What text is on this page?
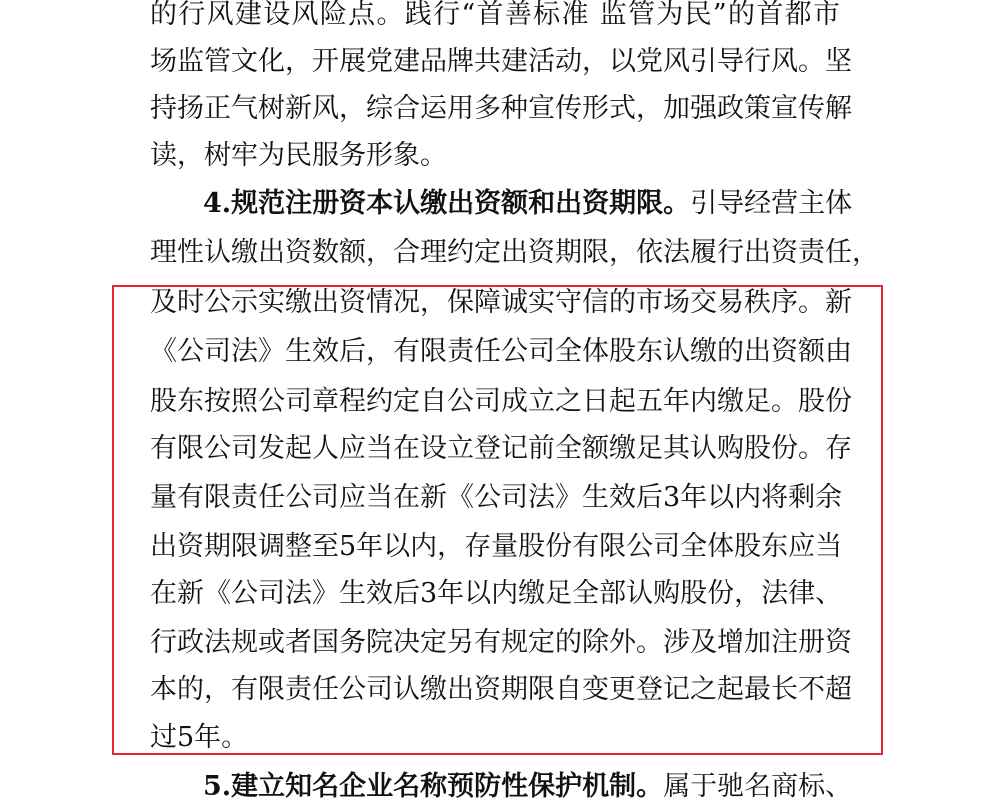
的行风建设风险点。践行“首善标准 监管为民”的首都市
场监管文化，开展党建品牌共建活动，以党风引导行风。坚
持扬正气树新风，综合运用多种宣传形式，加强政策宣传解
读，树牢为民服务形象。
4.规范注册资本认缴出资额和出资期限。引导经营主体
理性认缴出资数额，合理约定出资期限，依法履行出资责任，
及时公示实缴出资情况，保障诚实守信的市场交易秩序。新
《公司法》生效后，有限责任公司全体股东认缴的出资额由
股东按照公司章程约定自公司成立之日起五年内缴足。股份
有限公司发起人应当在设立登记前全额缴足其认购股份。存
量有限责任公司应当在新《公司法》生效后3年以内将剩余
出资期限调整至5年以内，存量股份有限公司全体股东应当
在新《公司法》生效后3年以内缴足全部认购股份，法律、
行政法规或者国务院决定另有规定的除外。涉及增加注册资
本的，有限责任公司认缴出资期限自变更登记之起最长不超
过5年。
5.建立知名企业名称预防性保护机制。属于驰名商标、
